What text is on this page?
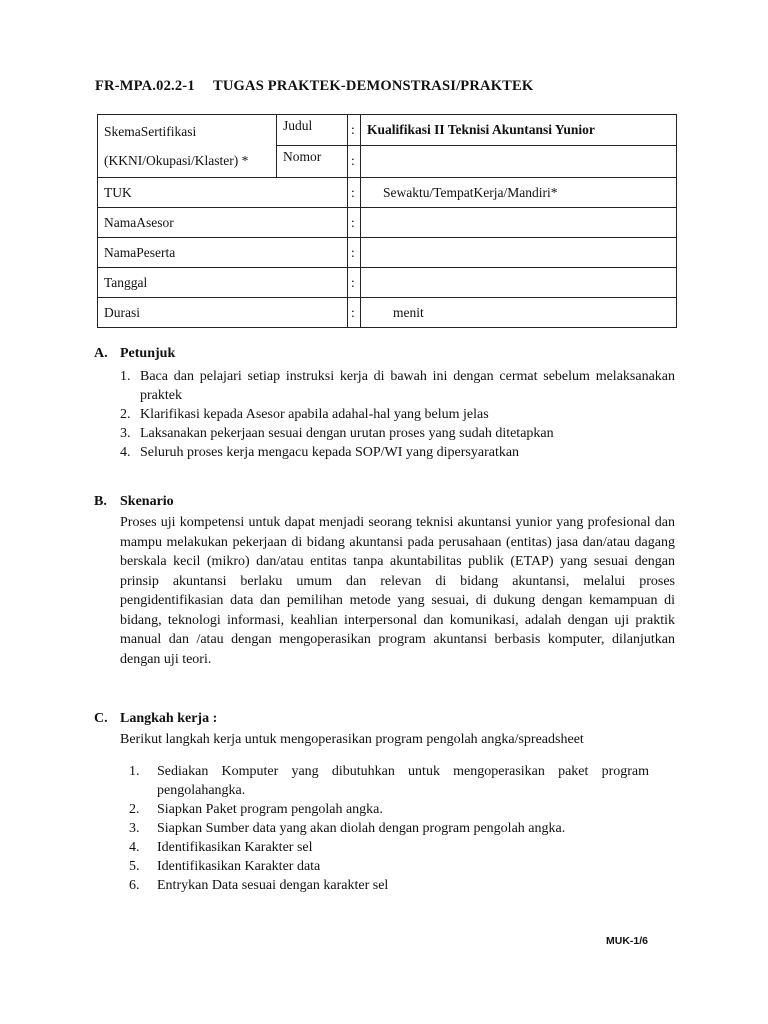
FR-MPA.02.2-1 TUGAS PRAKTEK-DEMONSTRASI/PRAKTEK
SkemaSertifikasi
(KKNI/Okupasi/Klaster) *	Judul	:	Kualifikasi II Teknisi Akuntansi Yunior
	Nomor	:	
TUK		:	Sewaktu/TempatKerja/Mandiri*
NamaAsesor		:	
NamaPeserta		:	
Tanggal		:	
Durasi		:	menit
A. Petunjuk
1. Baca dan pelajari setiap instruksi kerja di bawah ini dengan cermat sebelum melaksanakan praktek
2. Klarifikasi kepada Asesor apabila adahal-hal yang belum jelas
3. Laksanakan pekerjaan sesuai dengan urutan proses yang sudah ditetapkan
4. Seluruh proses kerja mengacu kepada SOP/WI yang dipersyaratkan
B. Skenario
Proses uji kompetensi untuk dapat menjadi seorang teknisi akuntansi yunior yang profesional dan mampu melakukan pekerjaan di bidang akuntansi pada perusahaan (entitas) jasa dan/atau dagang berskala kecil (mikro) dan/atau entitas tanpa akuntabilitas publik (ETAP) yang sesuai dengan prinsip akuntansi berlaku umum dan relevan di bidang akuntansi, melalui proses pengidentifikasian data dan pemilihan metode yang sesuai, di dukung dengan kemampuan di bidang, teknologi informasi, keahlian interpersonal dan komunikasi, adalah dengan uji praktik manual dan /atau dengan mengoperasikan program akuntansi berbasis komputer, dilanjutkan dengan uji teori.
C. Langkah kerja :
Berikut langkah kerja untuk mengoperasikan program pengolah angka/spreadsheet
1. Sediakan Komputer yang dibutuhkan untuk mengoperasikan paket program pengolahangka.
2. Siapkan Paket program pengolah angka.
3. Siapkan Sumber data yang akan diolah dengan program pengolah angka.
4. Identifikasikan Karakter sel
5. Identifikasikan Karakter data
6. Entrykan Data sesuai dengan karakter sel
MUK-1/6
